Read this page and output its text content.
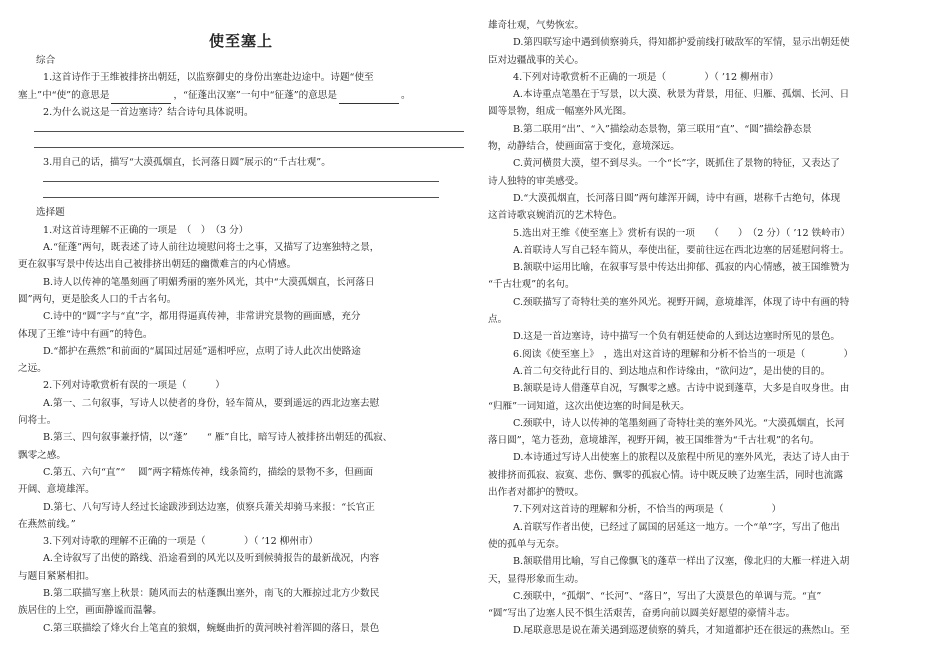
使至塞上
综合
1.这首诗作于王维被排挤出朝廷，以监察御史的身份出塞赴边途中。诗题“使至
塞上”中“使”的意思是	，“征蓬出汉塞”一句中“征蓬”的意思是	。
2.为什么说这是一首边塞诗？结合诗句具体说明。
3.用自己的话，描写“大漠孤烟直，长河落日圆”展示的“千古壮观”。
选择题
1.对这首诗理解不正确的一项是　（　）　（3 分）
A.“征蓬”两句，既表述了诗人前往边境慰问将士之事，又描写了边塞独特之景，
更在叙事写景中传达出自己被排挤出朝廷的幽微难言的内心情感。
B.诗人以传神的笔墨刻画了明媚秀丽的塞外风光，其中“大漠孤烟直，长河落日
圆”两句，更是脍炙人口的千古名句。
C.诗中的“圆”字与“直”字，都用得逼真传神，非常讲究景物的画面感，充分
体现了王维“诗中有画”的特色。
D.“都护在燕然”和前面的“属国过居延”遥相呼应，点明了诗人此次出使路途
之远。
2.下列对诗歌赏析有误的一项是（　　　）
A.第一、二句叙事，写诗人以使者的身份，轻车简从，要到遥远的西北边塞去慰
问将士。
B.第三、四句叙事兼抒情，以“蓬”　　“ 雁”自比，暗写诗人被排挤出朝廷的孤寂、
飘零之感。
C.第五、六句“直”“　 圆”两字精炼传神，线条简约，描绘的景物不多，但画面
开阔、意境雄浑。
D.第七、八句写诗人经过长途跋涉到达边塞，侦察兵萧关却骑马来报：“长官正
在燕然前线。”
3.下列对诗歌的理解不正确的一项是（　　　　）（ ’12 柳州市）
A.全诗叙写了出使的路线、沿途看到的风光以及听到候骑报告的最新战况，内容
与题目紧紧相扣。
B.第二联描写塞上秋景：随风而去的枯蓬飘出塞外，南飞的大雁掠过北方少数民
族居住的上空，画面静谧而温馨。
C.第三联描绘了烽火台上笔直的狼烟，蜿蜒曲折的黄河映衬着浑圆的落日，景色
雄奇壮观，气势恢宏。
D.第四联写途中遇到侦察骑兵，得知都护爱前线打破敌军的军情，显示出朝廷使
臣对边疆战事的关心。
4.下列对诗歌赏析不正确的一项是（　　　　）（ ’12 柳州市）
A.本诗重点笔墨在于写景，以大漠、秋景为背景，用征、归雁、孤烟、长河、日
圆等景物，组成一幅塞外风光图。
B.第二联用“出”、“入”描绘动态景物，第三联用“直”、“圆”描绘静态景
物，动静结合，使画面富于变化，意境深远。
C.黄河横贯大漠，望不到尽头。一个“长”字，既抓住了景物的特征，又表达了
诗人独特的审美感受。
D.“大漠孤烟直，长河落日圆”两句雄浑开阔，诗中有画，堪称千古绝句，体现
这首诗歌哀婉消沉的艺术特色。
5.选出对王维《使至塞上》赏析有误的一项　　（　　）　（2 分）（ ’12 铁岭市）
A.首联诗人写自己轻车简从，奉使出征，要前往远在西北边塞的居延慰问将士。
B.颔联中运用比喻，在叙事写景中传达出抑郁、孤寂的内心情感，被王国维赞为
“千古壮观”的名句。
C.颈联描写了奇特壮美的塞外风光。视野开阔，意境雄浑，体现了诗中有画的特
点。
D.这是一首边塞诗，诗中描写一个负有朝廷使命的人到达边塞时所见的景色。
6.阅读《使至塞上》　，选出对这首诗的理解和分析不恰当的一项是（　　　　）
A.首二句交待此行目的、到达地点和作诗缘由，“欲问边”，是出使的目的。
B.颔联是诗人借蓬草自况，写飘零之感。古诗中说到蓬草，大多是自叹身世。由
“归雁”一词知道，这次出使边塞的时间是秋天。
C.颈联中，诗人以传神的笔墨刻画了奇特壮美的塞外风光。“大漠孤烟直，长河
落日圆”，笔力苍劲，意境雄浑，视野开阔，被王国维誉为“千古壮观”的名句。
D.本诗通过写诗人出使塞上的旅程以及旅程中所见的塞外风光，表达了诗人由于
被排挤而孤寂、寂寞、悲伤、飘零的孤寂心情。诗中既反映了边塞生活，同时也流露
出作者对都护的赞叹。
7.下列对这首诗的理解和分析，不恰当的两项是（　　　　　）
A.首联写作者出使，已经过了属国的居延这一地方。一个“单”字，写出了他出
使的孤单与无奈。
B.颔联借用比喻，写自己像飘飞的蓬草一样出了汉塞，像北归的大雁一样进入胡
天，显得形象而生动。
C.颈联中，“孤烟”、“长河”、“落日”，写出了大漠景色的单调与荒。“直”
“圆”写出了边塞人民不惧生活艰苦，奋勇向前以圆美好愿望的豪情斗志。
D.尾联意思是说在萧关遇到巡逻侦察的骑兵，才知道都护还在很远的燕然山。至
